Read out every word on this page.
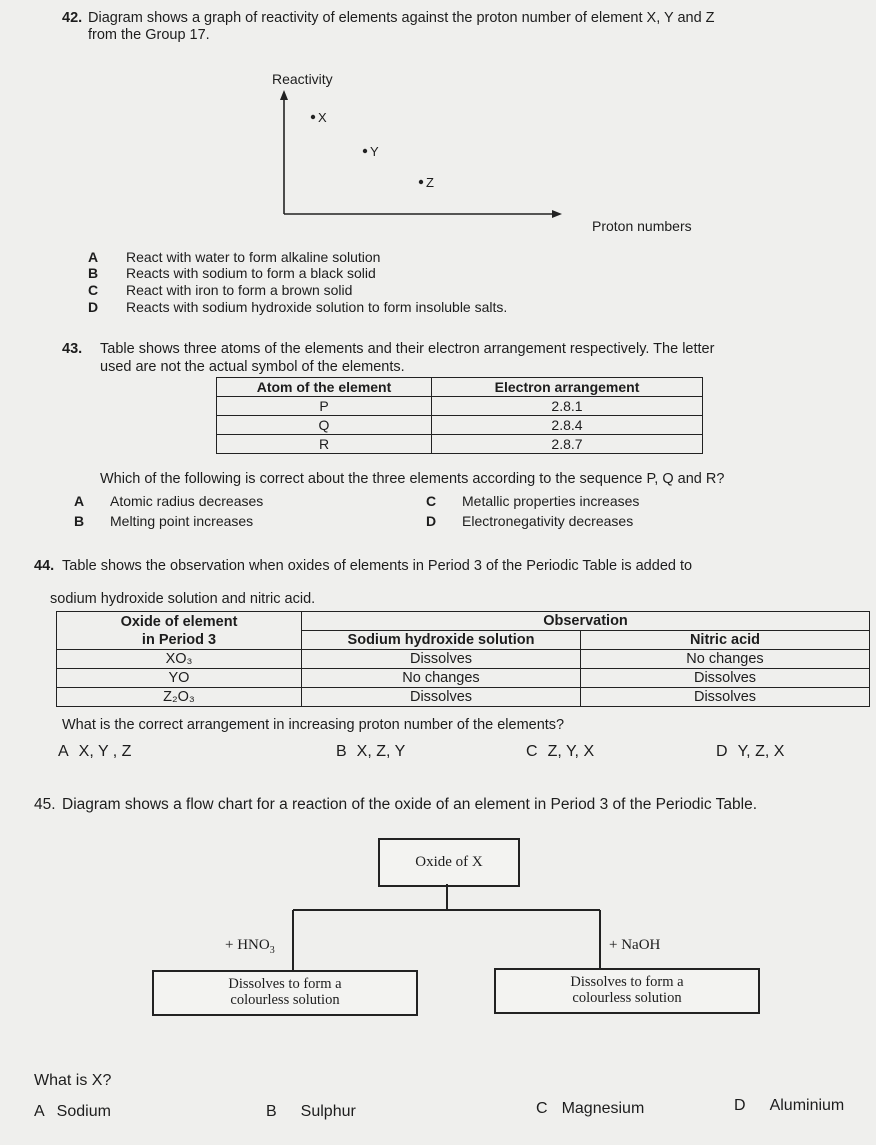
42. Diagram shows a graph of reactivity of elements against the proton number of element X, Y and Z
from the Group 17.
Reactivity
Proton numbers
X
Y
Z
A React with water to form alkaline solution
B Reacts with sodium to form a black solid
C React with iron to form a brown solid
D Reacts with sodium hydroxide solution to form insoluble salts.
43. Table shows three atoms of the elements and their electron arrangement respectively. The letter
used are not the actual symbol of the elements.
Atom of the element	Electron arrangement
P	2.8.1
Q	2.8.4
R	2.8.7
Which of the following is correct about the three elements according to the sequence P, Q and R?
A Atomic radius decreases
B Melting point increases
C Metallic properties increases
D Electronegativity decreases
44. Table shows the observation when oxides of elements in Period 3 of the Periodic Table is added to
sodium hydroxide solution and nitric acid.
Oxide of element
in Period 3	Observation	
	Sodium hydroxide solution	Nitric acid
XO₃	Dissolves	No changes
YO	No changes	Dissolves
Z₂O₃	Dissolves	Dissolves
What is the correct arrangement in increasing proton number of the elements?
A X, Y , Z	B X, Z, Y	C Z, Y, X	D Y, Z, X
45. Diagram shows a flow chart for a reaction of the oxide of an element in Period 3 of the Periodic Table.
Oxide of X
+ $HNO_3$	+ NaOH
Dissolves to form a
colourless solution
Dissolves to form a
colourless solution
What is X?
A Sodium	B Sulphur	C Magnesium	D Aluminium
